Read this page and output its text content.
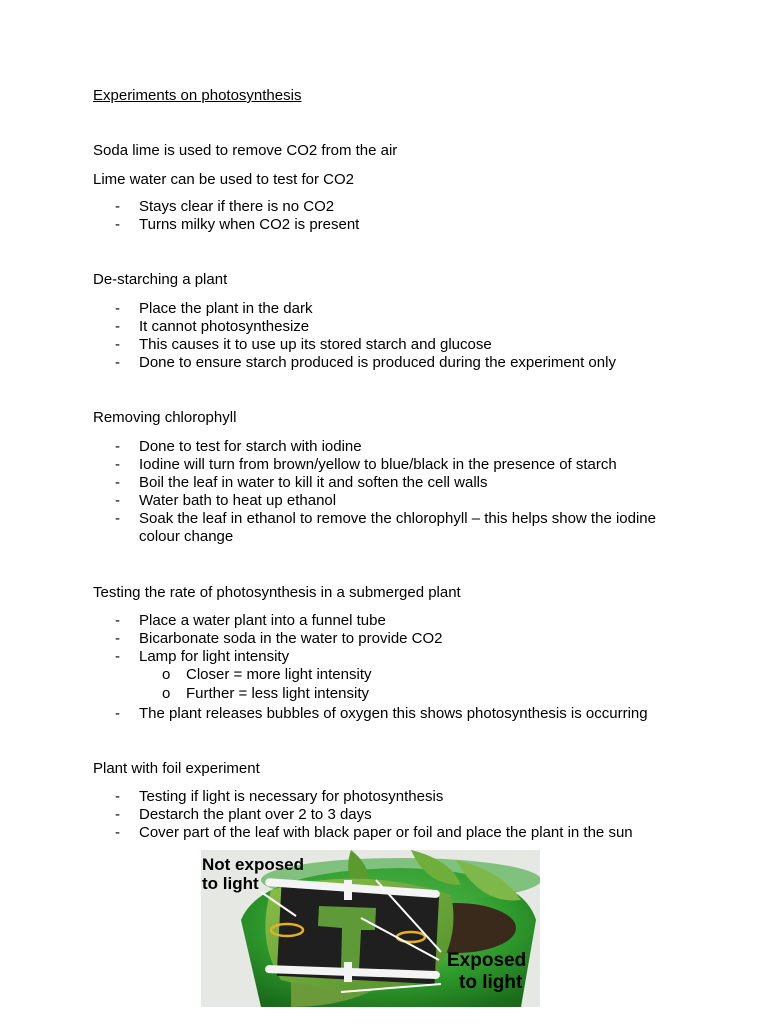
Experiments on photosynthesis
Soda lime is used to remove CO2 from the air
Lime water can be used to test for CO2
- Stays clear if there is no CO2
- Turns milky when CO2 is present
De-starching a plant
- Place the plant in the dark
- It cannot photosynthesize
- This causes it to use up its stored starch and glucose
- Done to ensure starch produced is produced during the experiment only
Removing chlorophyll
- Done to test for starch with iodine
- Iodine will turn from brown/yellow to blue/black in the presence of starch
- Boil the leaf in water to kill it and soften the cell walls
- Water bath to heat up ethanol
- Soak the leaf in ethanol to remove the chlorophyll – this helps show the iodine
colour change
Testing the rate of photosynthesis in a submerged plant
- Place a water plant into a funnel tube
- Bicarbonate soda in the water to provide CO2
- Lamp for light intensity
o Closer = more light intensity
o Further = less light intensity
- The plant releases bubbles of oxygen this shows photosynthesis is occurring
Plant with foil experiment
- Testing if light is necessary for photosynthesis
- Destarch the plant over 2 to 3 days
- Cover part of the leaf with black paper or foil and place the plant in the sun
Not exposed
to light
Exposed
to light
